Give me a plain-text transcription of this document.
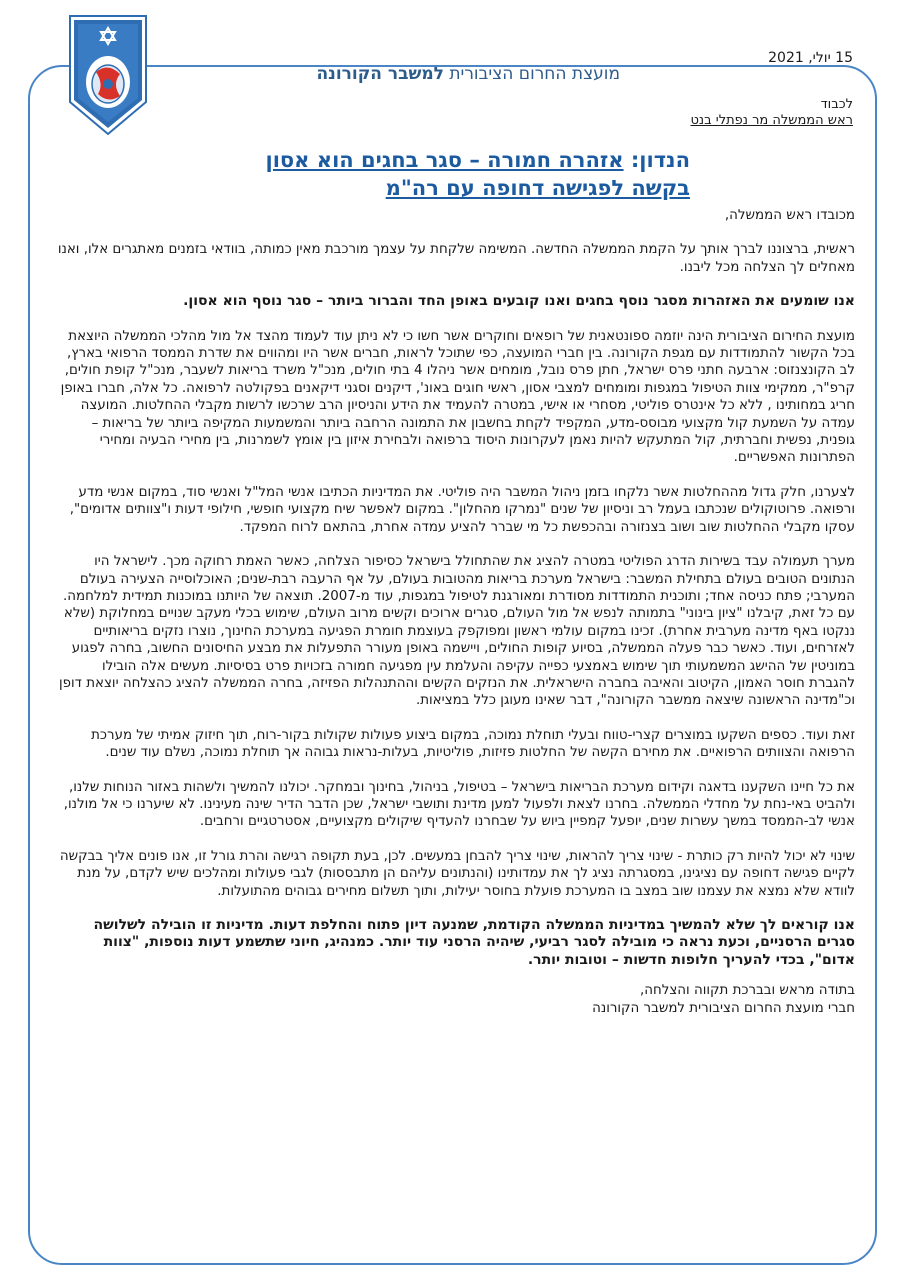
15 יולי, 2021
מועצת החרום הציבורית למשבר הקורונה
לכבוד
ראש הממשלה מר נפתלי בנט
הנדון: אזהרה חמורה – סגר בחגים הוא אסון
בקשה לפגישה דחופה עם רה"מ

מכובדו ראש הממשלה,

ראשית, ברצוננו לברך אותך על הקמת הממשלה החדשה. המשימה שלקחת על עצמך מורכבת מאין כמותה, בוודאי בזמנים מאתגרים אלו, ואנו מאחלים לך הצלחה מכל ליבנו.

אנו שומעים את האזהרות מסגר נוסף בחגים ואנו קובעים באופן החד והברור ביותר – סגר נוסף הוא אסון.

מועצת החירום הציבורית הינה יוזמה ספונטאנית של רופאים וחוקרים אשר חשו כי לא ניתן עוד לעמוד מהצד אל מול מהלכי הממשלה היוצאת בכל הקשור להתמודדות עם מגפת הקורונה. בין חברי המועצה, כפי שתוכל לראות, חברים אשר היו ומהווים את שדרת הממסד הרפואי בארץ, לב הקונצנזוס: ארבעה חתני פרס ישראל, חתן פרס נובל, מומחים אשר ניהלו 4 בתי חולים, מנכ"ל משרד בריאות לשעבר, מנכ"ל קופת חולים, קרפ"ר, ממקימי צוות הטיפול במגפות ומומחים למצבי אסון, ראשי חוגים באונ', דיקנים וסגני דיקאנים בפקולטה לרפואה. כל אלה, חברו באופן חריג במחותינו , ללא כל אינטרס פוליטי, מסחרי או אישי, במטרה להעמיד את הידע והניסיון הרב שרכשו לרשות מקבלי ההחלטות. המועצה עמדה על השמעת קול מקצועי מבוסס-מדע, המקפיד לקחת בחשבון את התמונה הרחבה ביותר והמשמעות המקיפה ביותר של בריאות – גופנית, נפשית וחברתית, קול המתעקש להיות נאמן לעקרונות היסוד ברפואה ולבחירת איזון בין אומץ לשמרנות, בין מחירי הבעיה ומחירי הפתרונות האפשריים.

לצערנו, חלק גדול מההחלטות אשר נלקחו בזמן ניהול המשבר היה פוליטי. את המדיניות הכתיבו אנשי המל"ל ואנשי סוד, במקום אנשי מדע ורפואה. פרוטוקולים שנכתבו בעמל רב וניסיון של שנים "נמרקו מהחלון". במקום לאפשר שיח מקצועי חופשי, חילופי דעות ו"צוותים אדומים", עסקו מקבלי ההחלטות שוב ושוב בצנזורה ובהכפשת כל מי שברר להציע עמדה אחרת, בהתאם לרוח המפקד.

מערך תעמולה עבד בשירות הדרג הפוליטי במטרה להציג את שהתחולל בישראל כסיפור הצלחה, כאשר האמת רחוקה מכך. לישראל היו הנתונים הטובים בעולם בתחילת המשבר: בישראל מערכת בריאות מהטובות בעולם, על אף הרעבה רבת-שנים; האוכלוסייה הצעירה בעולם המערבי; פתח כניסה אחד; ותוכנית התמודדות מסודרת ומאורגנת לטיפול במגפות, עוד מ-2007. תוצאה של היותנו במוכנות תמידית למלחמה. עם כל זאת, קיבלנו "ציון בינוני" בתמותה לנפש אל מול העולם, סגרים ארוכים וקשים מרוב העולם, שימוש בכלי מעקב שנויים במחלוקת (שלא ננקטו באף מדינה מערבית אחרת). זכינו במקום עולמי ראשון ומפוקפק בעוצמת חומרת הפגיעה במערכת החינוך, נוצרו נזקים בריאותיים לאזרחים, ועוד. כאשר כבר פעלה הממשלה, בסיוע קופות החולים, ויישמה באופן מעורר התפעלות את מבצע החיסונים החשוב, בחרה לפגוע במוניטין של ההישג המשמעותי תוך שימוש באמצעי כפייה עקיפה והעלמת עין מפגיעה חמורה בזכויות פרט בסיסיות. מעשים אלה הובילו להגברת חוסר האמון, הקיטוב והאיבה בחברה הישראלית. את הנזקים הקשים וההתנהלות הפזיזה, בחרה הממשלה להציג כהצלחה יוצאת דופן וכ"מדינה הראשונה שיצאה ממשבר הקורונה", דבר שאינו מעוגן כלל במציאות.

זאת ועוד. כספים השקעו במוצרים קצרי-טווח ובעלי תוחלת נמוכה, במקום ביצוע פעולות שקולות בקור-רוח, תוך חיזוק אמיתי של מערכת הרפואה והצוותים הרפואיים. את מחירם הקשה של החלטות פזיזות, פוליטיות, בעלות-נראות גבוהה אך תוחלת נמוכה, נשלם עוד שנים.

את כל חיינו השקענו בדאגה וקידום מערכת הבריאות בישראל – בטיפול, בניהול, בחינוך ובמחקר. יכולנו להמשיך ולשהות באזור הנוחות שלנו, ולהביט באי-נחת על מחדלי הממשלה. בחרנו לצאת ולפעול למען מדינת ותושבי ישראל, שכן הדבר הדיר שינה מעינינו. לא שיערנו כי אל מולנו, אנשי לב-הממסד במשך עשרות שנים, יופעל קמפיין ביוש על שבחרנו להעדיף שיקולים מקצועיים, אסטרטגיים ורחבים.

שינוי לא יכול להיות רק כותרת - שינוי צריך להראות, שינוי צריך להבחן במעשים. לכן, בעת תקופה רגישה והרת גורל זו, אנו פונים אליך בבקשה לקיים פגישה דחופה עם נציגינו, במסגרתה נציג לך את עמדותינו (והנתונים עליהם הן מתבססות) לגבי פעולות ומהלכים שיש לקדם, על מנת לוודא שלא נמצא את עצמנו שוב במצב בו המערכת פועלת בחוסר יעילות, ותוך תשלום מחירים גבוהים מהתועלות.

אנו קוראים לך שלא להמשיך במדיניות הממשלה הקודמת, שמנעה דיון פתוח והחלפת דעות. מדיניות זו הובילה לשלושה סגרים הרסניים, וכעת נראה כי מובילה לסגר רביעי, שיהיה הרסני עוד יותר. כמנהיג, חיוני שתשמע דעות נוספות, "צוות אדום", בכדי להעריך חלופות חדשות – וטובות יותר.

בתודה מראש ובברכת תקווה והצלחה,
חברי מועצת החרום הציבורית למשבר הקורונה
